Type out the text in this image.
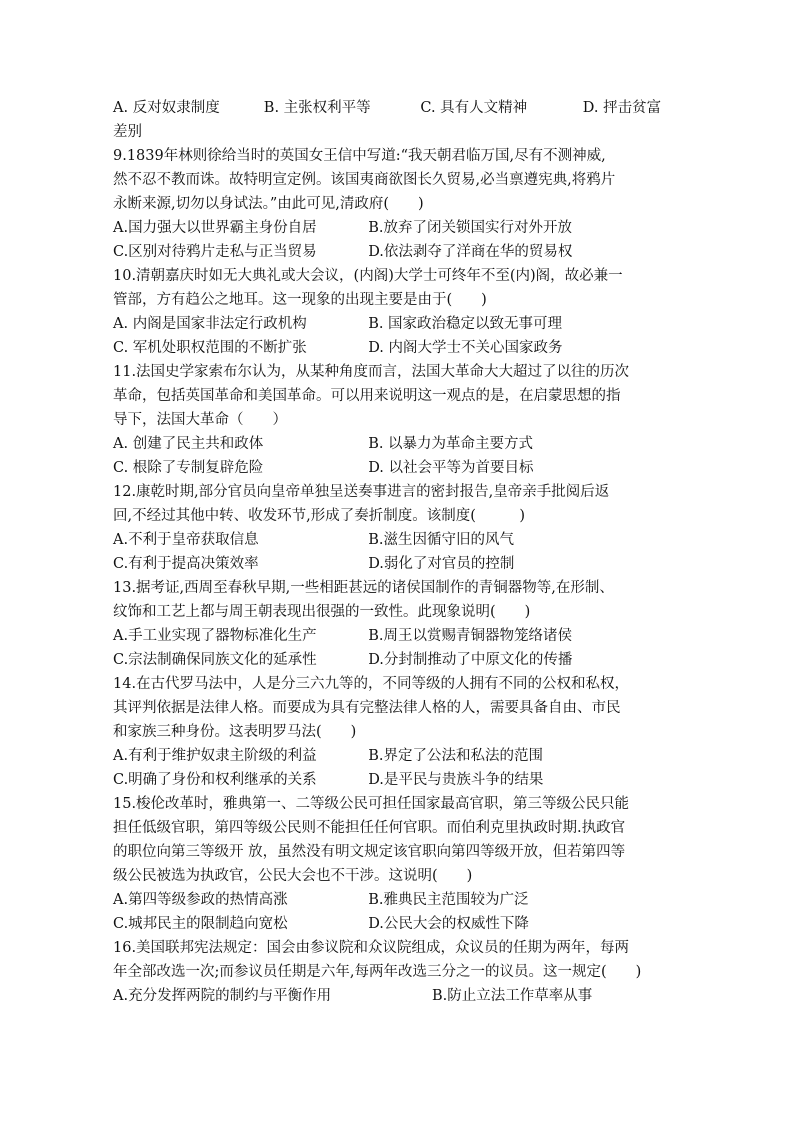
A. 反对奴隶制度	B. 主张权利平等	C. 具有人文精神	D. 抨击贫富
差别
9.1839年林则徐给当时的英国女王信中写道:“我天朝君临万国,尽有不测神威,
然不忍不教而诛。故特明宣定例。该国夷商欲图长久贸易,必当禀遵宪典,将鸦片
永断来源,切勿以身试法。”由此可见,清政府(　　)
A.国力强大以世界霸主身份自居	B.放弃了闭关锁国实行对外开放
C.区别对待鸦片走私与正当贸易	D.依法剥夺了洋商在华的贸易权
10.清朝嘉庆时如无大典礼或大会议，(内阁)大学士可终年不至(内)阁，故必兼一
管部，方有趋公之地耳。这一现象的出现主要是由于(　　)
A. 内阁是国家非法定行政机构	B. 国家政治稳定以致无事可理
C. 军机处职权范围的不断扩张	D. 内阁大学士不关心国家政务
11.法国史学家索布尔认为，从某种角度而言，法国大革命大大超过了以往的历次
革命，包括英国革命和美国革命。可以用来说明这一观点的是，在启蒙思想的指
导下，法国大革命（　　）
A. 创建了民主共和政体	B. 以暴力为革命主要方式
C. 根除了专制复辟危险	D. 以社会平等为首要目标
12.康乾时期,部分官员向皇帝单独呈送奏事进言的密封报告,皇帝亲手批阅后返
回,不经过其他中转、收发环节,形成了奏折制度。该制度(　　　)
A.不利于皇帝获取信息	B.滋生因循守旧的风气
C.有利于提高决策效率	D.弱化了对官员的控制
13.据考证,西周至春秋早期,一些相距甚远的诸侯国制作的青铜器物等,在形制、
纹饰和工艺上都与周王朝表现出很强的一致性。此现象说明(　　)
A.手工业实现了器物标准化生产	B.周王以赏赐青铜器物笼络诸侯
C.宗法制确保同族文化的延承性	D.分封制推动了中原文化的传播
14.在古代罗马法中，人是分三六九等的，不同等级的人拥有不同的公权和私权，
其评判依据是法律人格。而要成为具有完整法律人格的人，需要具备自由、市民
和家族三种身份。这表明罗马法(　　)
A.有利于维护奴隶主阶级的利益	B.界定了公法和私法的范围
C.明确了身份和权利继承的关系	D.是平民与贵族斗争的结果
15.梭伦改革时，雅典第一、二等级公民可担任国家最高官职，第三等级公民只能
担任低级官职，第四等级公民则不能担任任何官职。而伯利克里执政时期.执政官
的职位向第三等级开 放，虽然没有明文规定该官职向第四等级开放，但若第四等
级公民被选为执政官，公民大会也不干涉。这说明(　　)
A.第四等级参政的热情高涨	B.雅典民主范围较为广泛
C.城邦民主的限制趋向宽松	D.公民大会的权威性下降
16.美国联邦宪法规定：国会由参议院和众议院组成，众议员的任期为两年，每两
年全部改选一次;而参议员任期是六年,每两年改选三分之一的议员。这一规定(　　)
A.充分发挥两院的制约与平衡作用	B.防止立法工作草率从事
